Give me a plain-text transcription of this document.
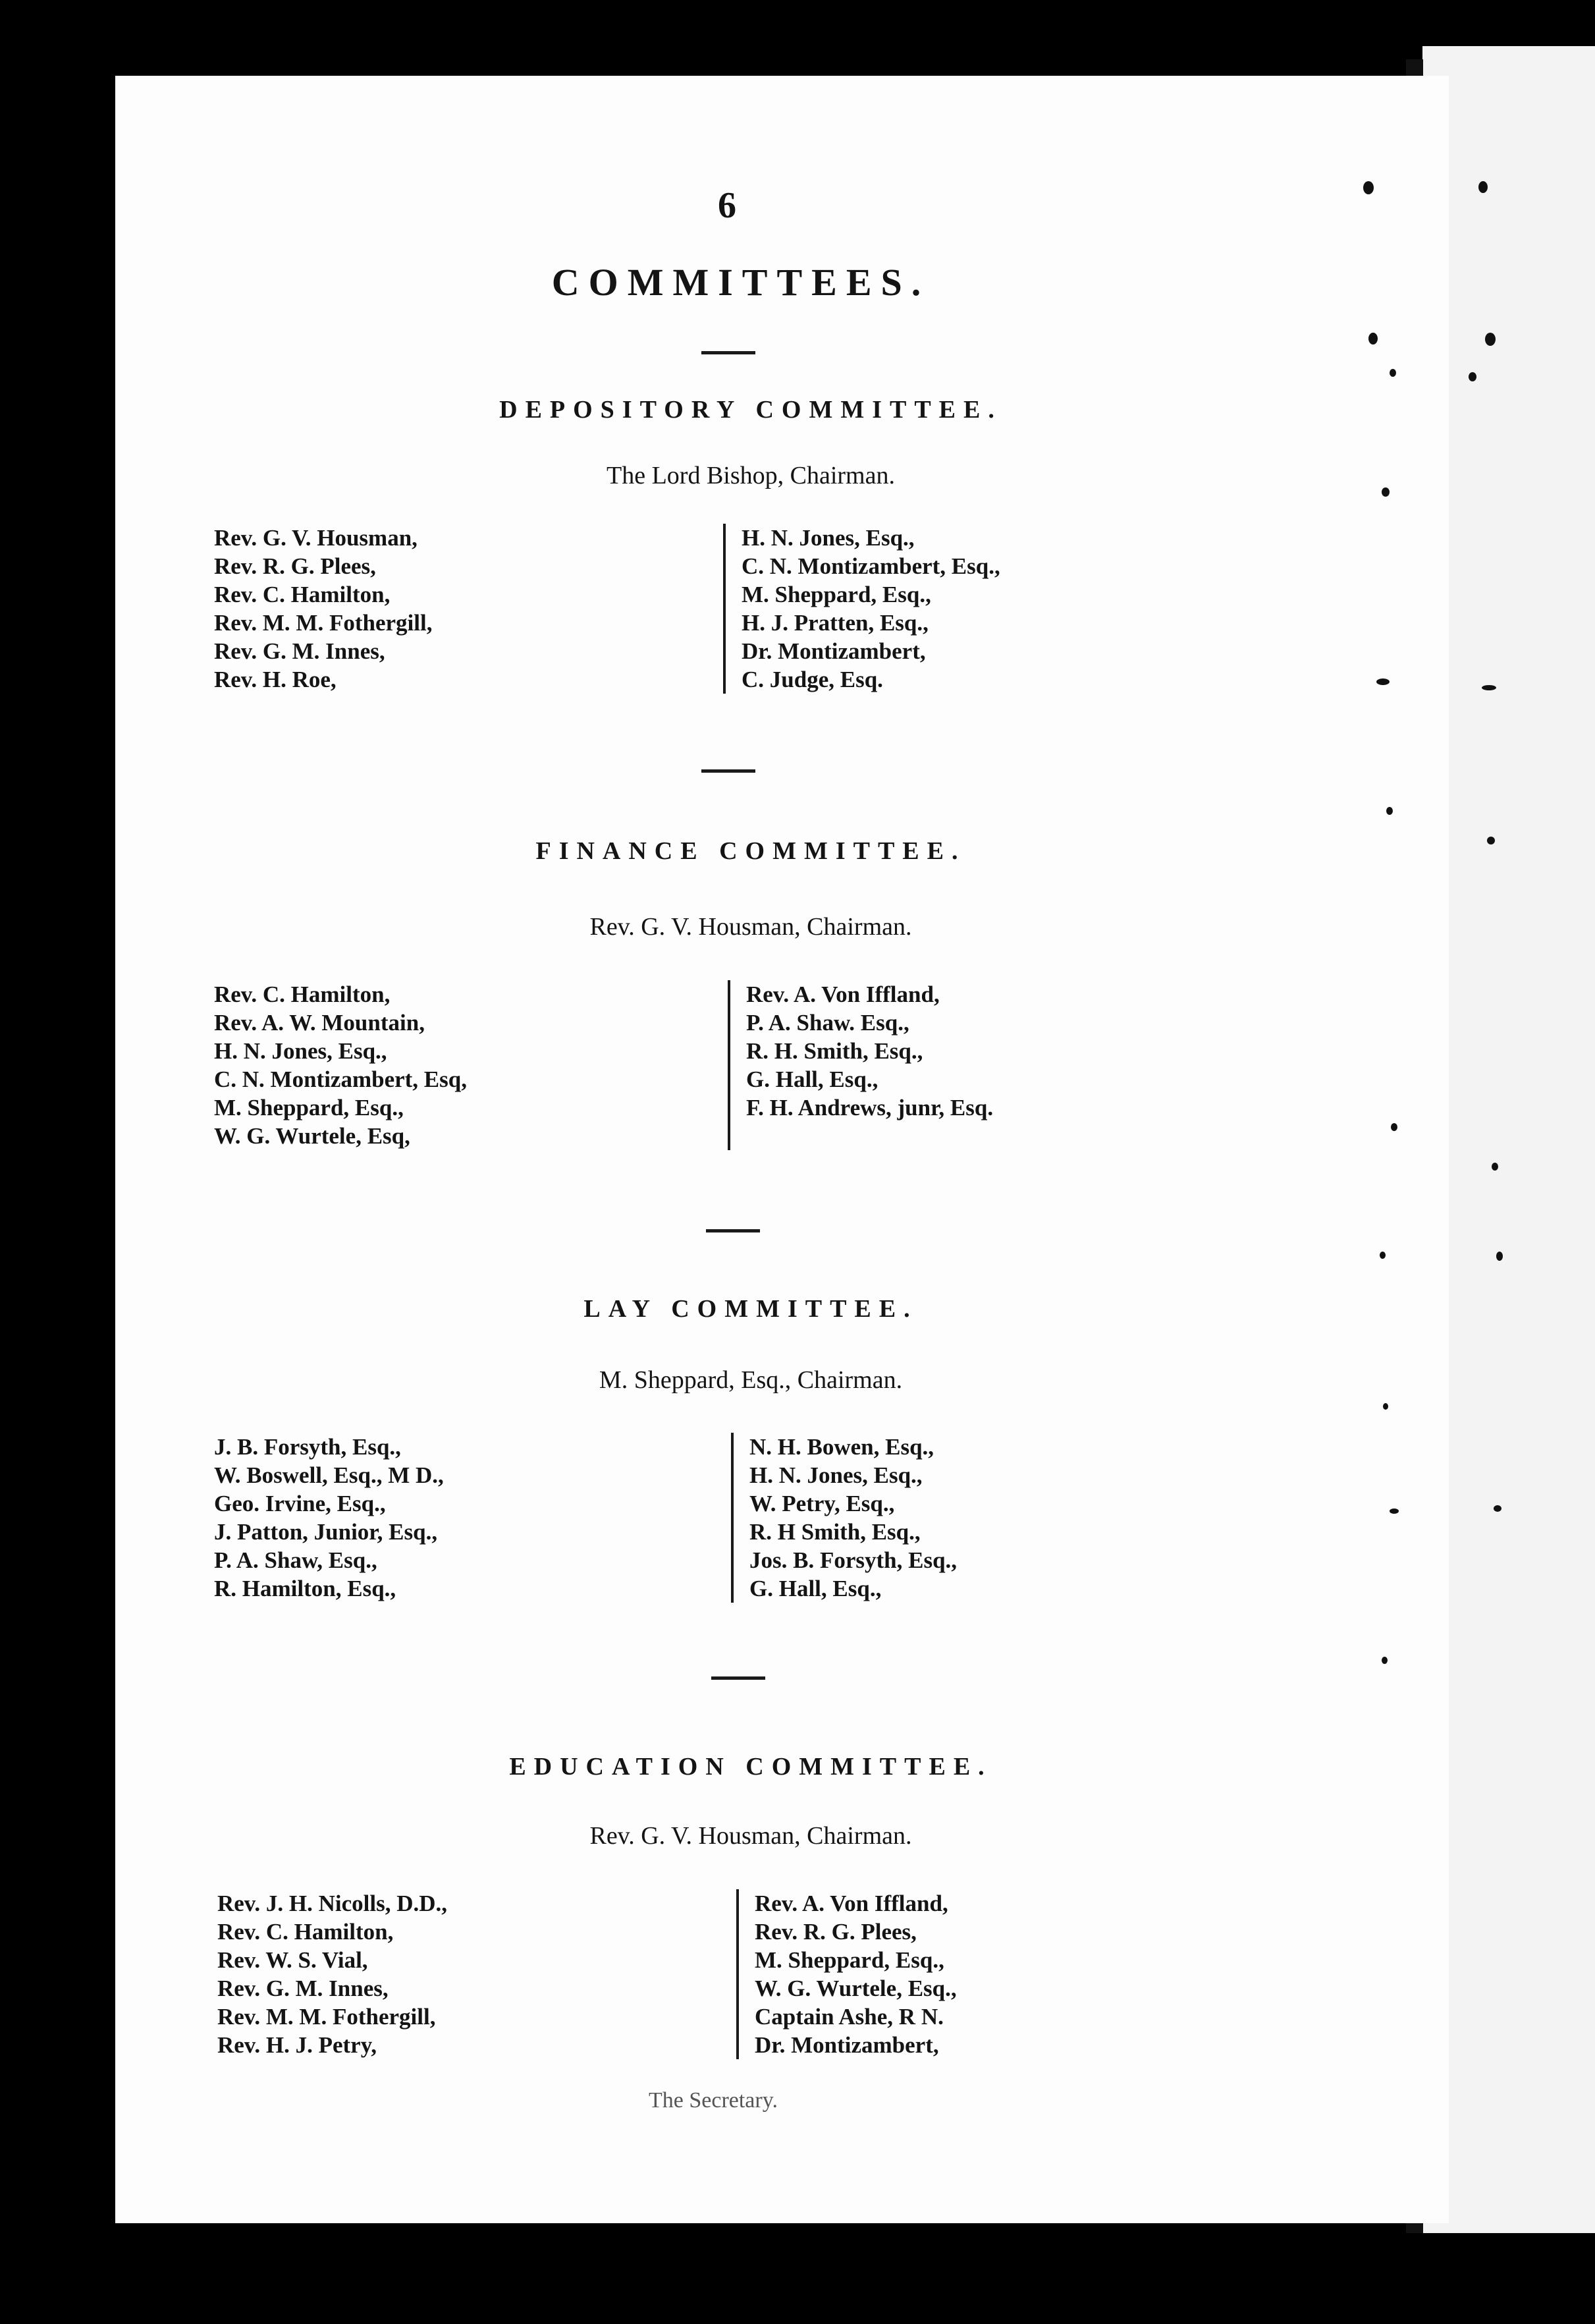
6
COMMITTEES.
DEPOSITORY COMMITTEE.
The Lord Bishop, Chairman.
Rev. G. V. Housman,
Rev. R. G. Plees,
Rev. C. Hamilton,
Rev. M. M. Fothergill,
Rev. G. M. Innes,
Rev. H. Roe,
H. N. Jones, Esq.,
C. N. Montizambert, Esq.,
M. Sheppard, Esq.,
H. J. Pratten, Esq.,
Dr. Montizambert,
C. Judge, Esq.
FINANCE COMMITTEE.
Rev. G. V. Housman, Chairman.
Rev. C. Hamilton,
Rev. A. W. Mountain,
H. N. Jones, Esq.,
C. N. Montizambert, Esq,
M. Sheppard, Esq.,
W. G. Wurtele, Esq,
Rev. A. Von Iffland,
P. A. Shaw. Esq.,
R. H. Smith, Esq.,
G. Hall, Esq.,
F. H. Andrews, junr, Esq.
LAY COMMITTEE.
M. Sheppard, Esq., Chairman.
J. B. Forsyth, Esq.,
W. Boswell, Esq., M D.,
Geo. Irvine, Esq.,
J. Patton, Junior, Esq.,
P. A. Shaw, Esq.,
R. Hamilton, Esq.,
N. H. Bowen, Esq.,
H. N. Jones, Esq.,
W. Petry, Esq.,
R. H Smith, Esq.,
Jos. B. Forsyth, Esq.,
G. Hall, Esq.,
EDUCATION COMMITTEE.
Rev. G. V. Housman, Chairman.
Rev. J. H. Nicolls, D.D.,
Rev. C. Hamilton,
Rev. W. S. Vial,
Rev. G. M. Innes,
Rev. M. M. Fothergill,
Rev. H. J. Petry,
Rev. A. Von Iffland,
Rev. R. G. Plees,
M. Sheppard, Esq.,
W. G. Wurtele, Esq.,
Captain Ashe, R N.
Dr. Montizambert,
The Secretary.
